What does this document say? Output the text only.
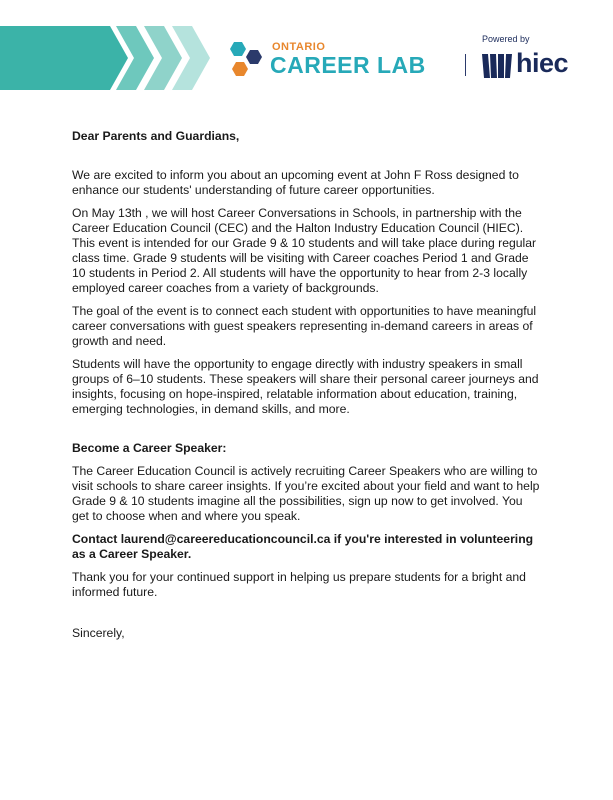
ONTARIO
CAREER LAB
Powered by
hiec

Dear Parents and Guardians,

We are excited to inform you about an upcoming event at John F Ross designed to enhance our students' understanding of future career opportunities.

On May 13th , we will host Career Conversations in Schools, in partnership with the Career Education Council (CEC) and the Halton Industry Education Council (HIEC). This event is intended for our Grade 9 & 10 students and will take place during regular class time. Grade 9 students will be visiting with Career coaches Period 1 and Grade 10 students in Period 2. All students will have the opportunity to hear from 2-3 locally employed career coaches from a variety of backgrounds.

The goal of the event is to connect each student with opportunities to have meaningful career conversations with guest speakers representing in-demand careers in areas of growth and need.

Students will have the opportunity to engage directly with industry speakers in small groups of 6–10 students. These speakers will share their personal career journeys and insights, focusing on hope-inspired, relatable information about education, training, emerging technologies, in demand skills, and more.

Become a Career Speaker:

The Career Education Council is actively recruiting Career Speakers who are willing to visit schools to share career insights. If you’re excited about your field and want to help Grade 9 & 10 students imagine all the possibilities, sign up now to get involved. You get to choose when and where you speak.

Contact laurend@careereducationcouncil.ca if you're interested in volunteering as a Career Speaker.

Thank you for your continued support in helping us prepare students for a bright and informed future.

Sincerely,
